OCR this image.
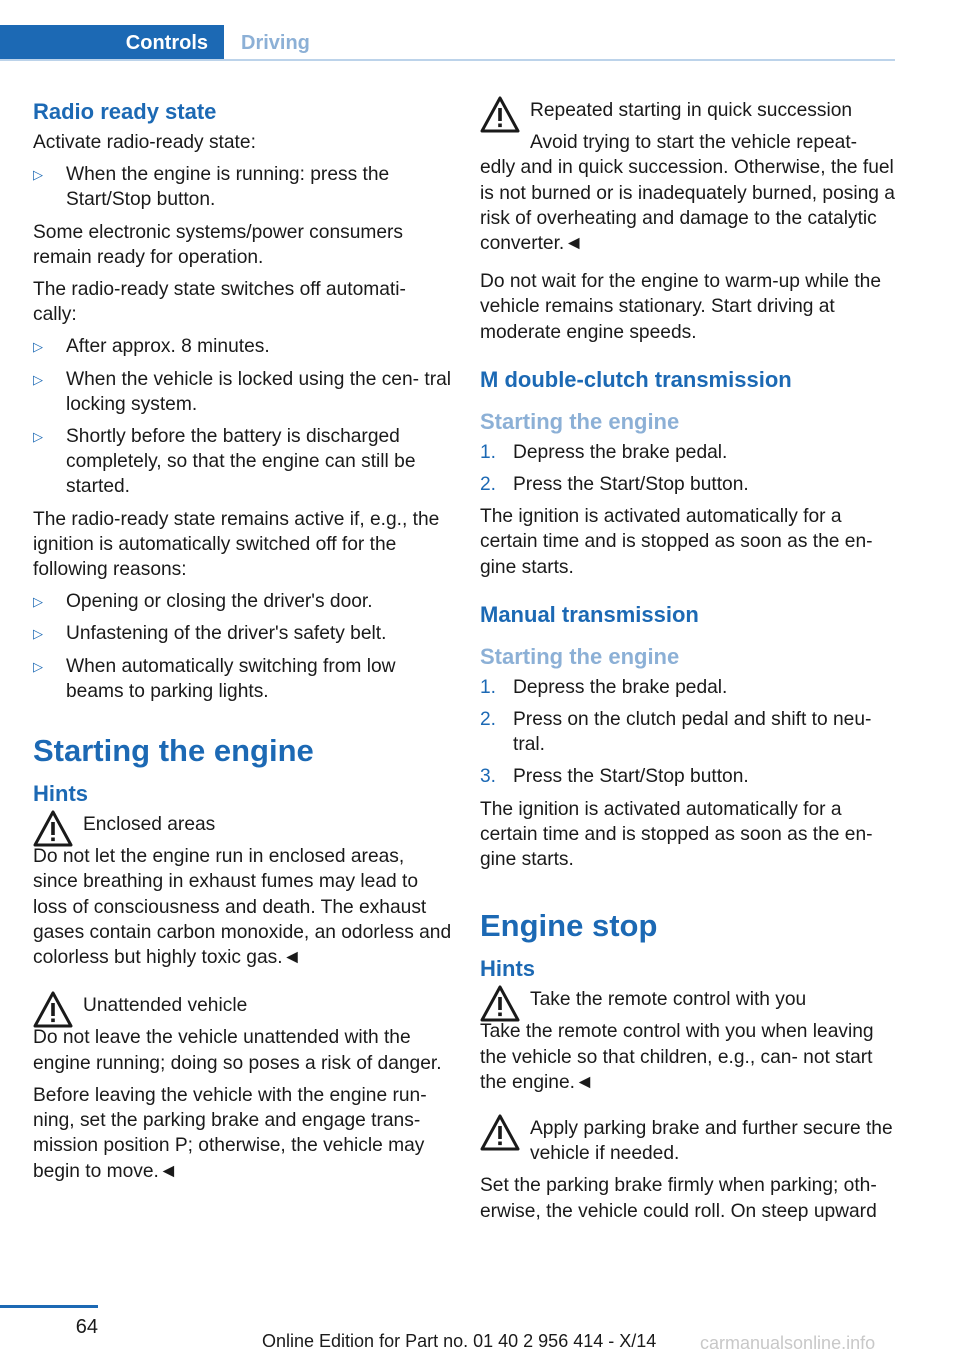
Controls Driving
Radio ready state

Activate radio-ready state:

▷	When the engine is running: press the Start/Stop button.

Some electronic systems/power consumers remain ready for operation.

The radio-ready state switches off automati‐ cally:

▷	After approx. 8 minutes.
▷	When the vehicle is locked using the cen‐ tral locking system.
▷	Shortly before the battery is discharged completely, so that the engine can still be started.

The radio-ready state remains active if, e.g., the ignition is automatically switched off for the following reasons:

▷	Opening or closing the driver's door.
▷	Unfastening of the driver's safety belt.
▷	When automatically switching from low beams to parking lights.
Starting the engine
Hints
Enclosed areas
Do not let the engine run in enclosed areas, since breathing in exhaust fumes may lead to loss of consciousness and death. The exhaust gases contain carbon monoxide, an odorless and colorless but highly toxic gas.◄
Unattended vehicle

Do not leave the vehicle unattended with the engine running; doing so poses a risk of danger.

Before leaving the vehicle with the engine run‐ ning, set the parking brake and engage trans‐ mission position P; otherwise, the vehicle may begin to move.◄

Repeated starting in quick succession

Avoid trying to start the vehicle repeat‐ edly and in quick succession. Otherwise, the fuel is not burned or is inadequately burned, posing a risk of overheating and damage to the catalytic converter.◄

Do not wait for the engine to warm-up while the vehicle remains stationary. Start driving at moderate engine speeds.

M double-clutch transmission
Starting the engine
1. Depress the brake pedal.
2. Press the Start/Stop button.

The ignition is activated automatically for a certain time and is stopped as soon as the en‐ gine starts.

Manual transmission
Starting the engine
1. Depress the brake pedal.
2. Press on the clutch pedal and shift to neu‐ tral.
3. Press the Start/Stop button.

The ignition is activated automatically for a certain time and is stopped as soon as the en‐ gine starts.

Engine stop
Hints
Take the remote control with you

Take the remote control with you when leaving the vehicle so that children, e.g., can‐ not start the engine.◄

Apply parking brake and further secure the vehicle if needed.

Set the parking brake firmly when parking; oth‐ erwise, the vehicle could roll. On steep upward

64
Online Edition for Part no. 01 40 2 956 414 - X/14 carmanualsonline.info
